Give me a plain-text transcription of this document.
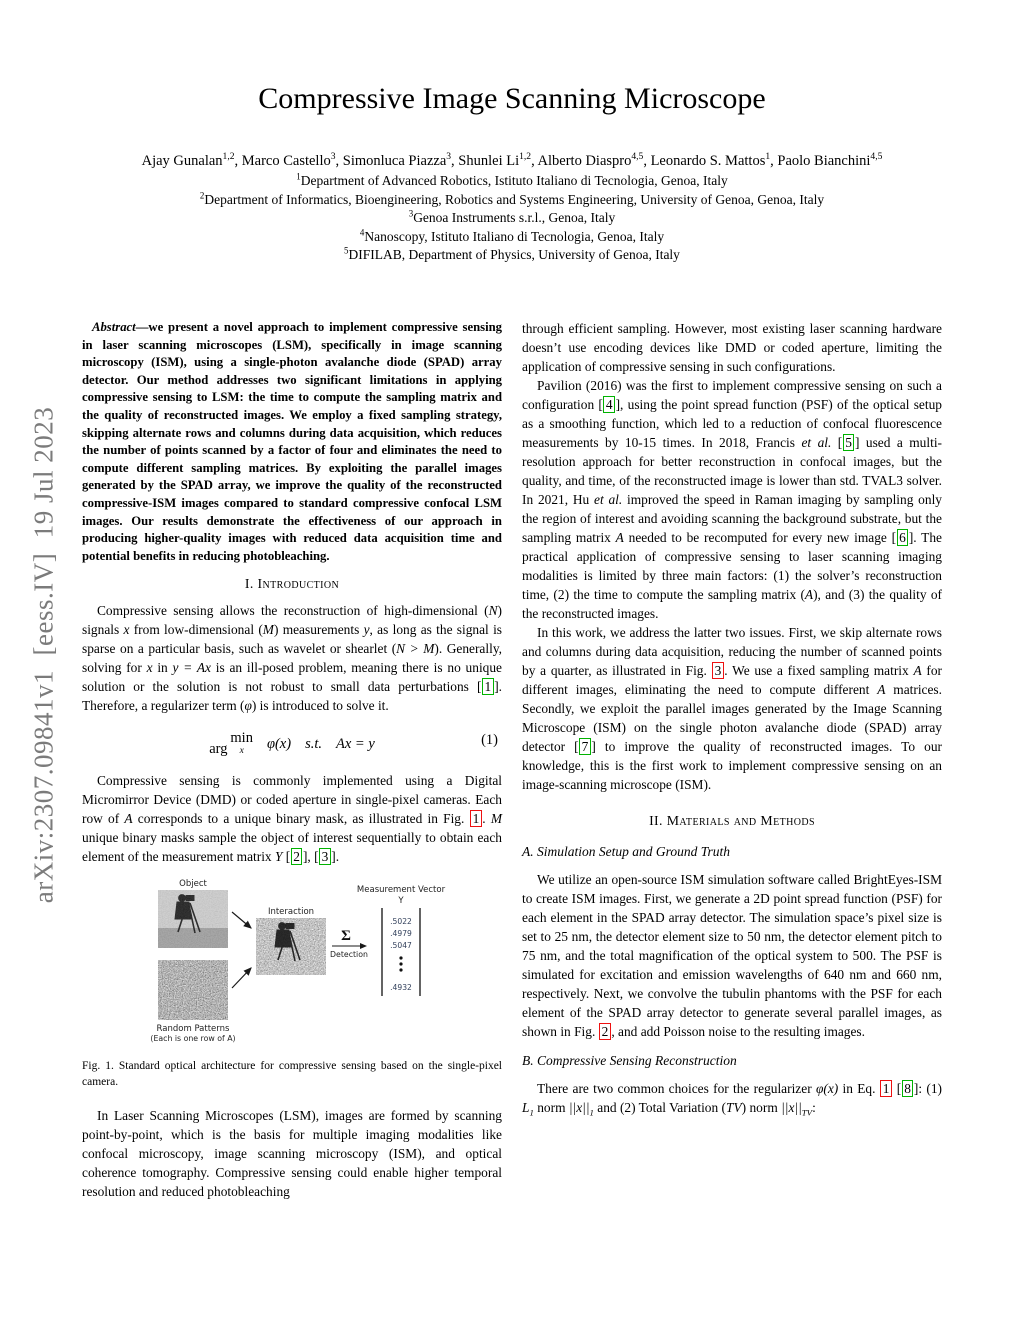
arXiv:2307.09841v1  [eess.IV]  19 Jul 2023
Compressive Image Scanning Microscope
Ajay Gunalan$^{1,2}$, Marco Castello$^3$, Simonluca Piazza$^3$, Shunlei Li$^{1,2}$, Alberto Diaspro$^{4,5}$, Leonardo S. Mattos$^1$, Paolo Bianchini$^{4,5}$
$^1$Department of Advanced Robotics, Istituto Italiano di Tecnologia, Genoa, Italy
$^2$Department of Informatics, Bioengineering, Robotics and Systems Engineering, University of Genoa, Genoa, Italy
$^3$Genoa Instruments s.r.l., Genoa, Italy
$^4$Nanoscopy, Istituto Italiano di Tecnologia, Genoa, Italy
$^5$DIFILAB, Department of Physics, University of Genoa, Italy

Abstract—we present a novel approach to implement compressive sensing in laser scanning microscopes (LSM), specifically in image scanning microscopy (ISM), using a single-photon avalanche diode (SPAD) array detector. Our method addresses two significant limitations in applying compressive sensing to LSM: the time to compute the sampling matrix and the quality of reconstructed images. We employ a fixed sampling strategy, skipping alternate rows and columns during data acquisition, which reduces the number of points scanned by a factor of four and eliminates the need to compute different sampling matrices. By exploiting the parallel images generated by the SPAD array, we improve the quality of the reconstructed compressive-ISM images compared to standard compressive confocal LSM images. Our results demonstrate the effectiveness of our approach in producing higher-quality images with reduced data acquisition time and potential benefits in reducing photobleaching.

I. Introduction

Compressive sensing allows the reconstruction of high-dimensional (N) signals x from low-dimensional (M) measurements y, as long as the signal is sparse on a particular basis, such as wavelet or shearlet (N > M). Generally, solving for x in y = Ax is an ill-posed problem, meaning there is no unique solution or the solution is not robust to small data perturbations [ 1 ]. Therefore, a regularizer term (φ) is introduced to solve it.

arg min
x	φ(x) s.t. Ax = y	(1)

Compressive sensing is commonly implemented using a Digital Micromirror Device (DMD) or coded aperture in single-pixel cameras. Each row of A corresponds to a unique binary mask, as illustrated in Fig. 1 . M unique binary masks sample the object of interest sequentially to obtain each element of the measurement matrix Y [ 2 ], [ 3 ].

Object
Random Patterns
(Each is one row of A)
Interaction
Σ
Detection
Measurement Vector
Y
.5022
.4979
.5047
.4932
Fig. 1. Standard optical architecture for compressive sensing based on the single-pixel camera.

In Laser Scanning Microscopes (LSM), images are formed by scanning point-by-point, which is the basis for multiple imaging modalities like confocal microscopy, image scanning microscopy (ISM), and optical coherence tomography. Compressive sensing could enable higher temporal resolution and reduced photobleaching

through efficient sampling. However, most existing laser scanning hardware doesn’t use encoding devices like DMD or coded aperture, limiting the application of compressive sensing in such configurations.

Pavilion (2016) was the first to implement compressive sensing on such a configuration [ 4 ], using the point spread function (PSF) of the optical setup as a smoothing function, which led to a reduction of confocal fluorescence measurements by 10-15 times. In 2018, Francis et al. [ 5 ] used a multi-resolution approach for better reconstruction in confocal images, but the quality, and time, of the reconstructed image is lower than std. TVAL3 solver. In 2021, Hu et al. improved the speed in Raman imaging by sampling only the region of interest and avoiding scanning the background substrate, but the sampling matrix A needed to be recomputed for every new image [ 6 ]. The practical application of compressive sensing to laser scanning imaging modalities is limited by three main factors: (1) the solver’s reconstruction time, (2) the time to compute the sampling matrix (A), and (3) the quality of the reconstructed images.

In this work, we address the latter two issues. First, we skip alternate rows and columns during data acquisition, reducing the number of scanned points by a quarter, as illustrated in Fig. 3 . We use a fixed sampling matrix A for different images, eliminating the need to compute different A matrices. Secondly, we exploit the parallel images generated by the Image Scanning Microscope (ISM) on the single photon avalanche diode (SPAD) array detector [ 7 ] to improve the quality of reconstructed images. To our knowledge, this is the first work to implement compressive sensing on an image-scanning microscope (ISM).

II. Materials and Methods
A. Simulation Setup and Ground Truth

We utilize an open-source ISM simulation software called BrightEyes-ISM to create ISM images. First, we generate a 2D point spread function (PSF) for each element in the SPAD array detector. The simulation space’s pixel size is set to 25 nm, the detector element size to 50 nm, the detector element pitch to 75 nm, and the total magnification of the optical system to 500. The PSF is simulated for excitation and emission wavelengths of 640 nm and 660 nm, respectively. Next, we convolve the tubulin phantoms with the PSF for each element of the SPAD array detector to generate several parallel images, as shown in Fig. 2 , and add Poisson noise to the resulting images.

B. Compressive Sensing Reconstruction

There are two common choices for the regularizer φ(x) in Eq. 1 [ 8 ]: (1) $L_1$ norm $||x||_1$ and (2) Total Variation (TV) norm $||x||_{TV}$:
